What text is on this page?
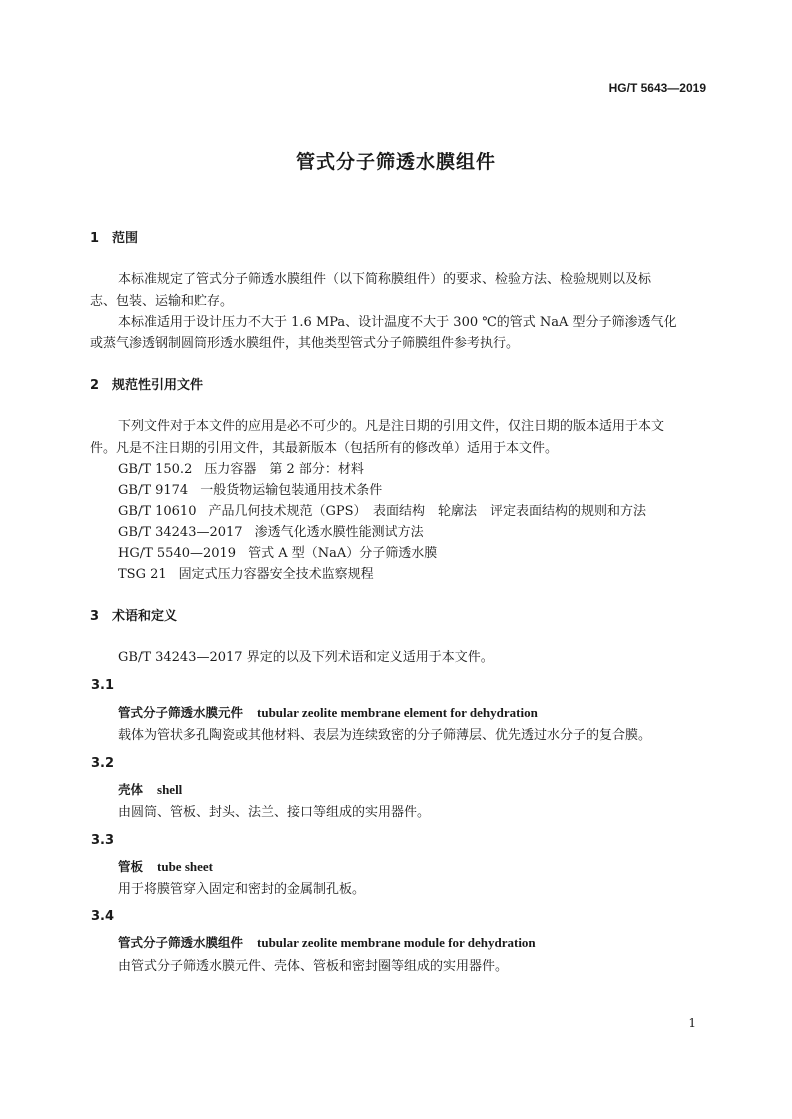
HG/T 5643—2019
管式分子筛透水膜组件
1 范围
本标准规定了管式分子筛透水膜组件（以下简称膜组件）的要求、检验方法、检验规则以及标
志、包装、运输和贮存。
本标准适用于设计压力不大于 1.6 MPa、设计温度不大于 300 ℃的管式 NaA 型分子筛渗透气化
或蒸气渗透钢制圆筒形透水膜组件，其他类型管式分子筛膜组件参考执行。
2 规范性引用文件
下列文件对于本文件的应用是必不可少的。凡是注日期的引用文件，仅注日期的版本适用于本文
件。凡是不注日期的引用文件，其最新版本（包括所有的修改单）适用于本文件。
GB/T 150.2 压力容器　第 2 部分：材料
GB/T 9174 一般货物运输包装通用技术条件
GB/T 10610 产品几何技术规范（GPS）　表面结构　轮廓法　评定表面结构的规则和方法
GB/T 34243—2017 渗透气化透水膜性能测试方法
HG/T 5540—2019 管式 A 型（NaA）分子筛透水膜
TSG 21 固定式压力容器安全技术监察规程
3 术语和定义
GB/T 34243—2017 界定的以及下列术语和定义适用于本文件。
3.1
管式分子筛透水膜元件 tubular zeolite membrane element for dehydration
载体为管状多孔陶瓷或其他材料、表层为连续致密的分子筛薄层、优先透过水分子的复合膜。
3.2
壳体 shell
由圆筒、管板、封头、法兰、接口等组成的实用器件。
3.3
管板 tube sheet
用于将膜管穿入固定和密封的金属制孔板。
3.4
管式分子筛透水膜组件 tubular zeolite membrane module for dehydration
由管式分子筛透水膜元件、壳体、管板和密封圈等组成的实用器件。
1
